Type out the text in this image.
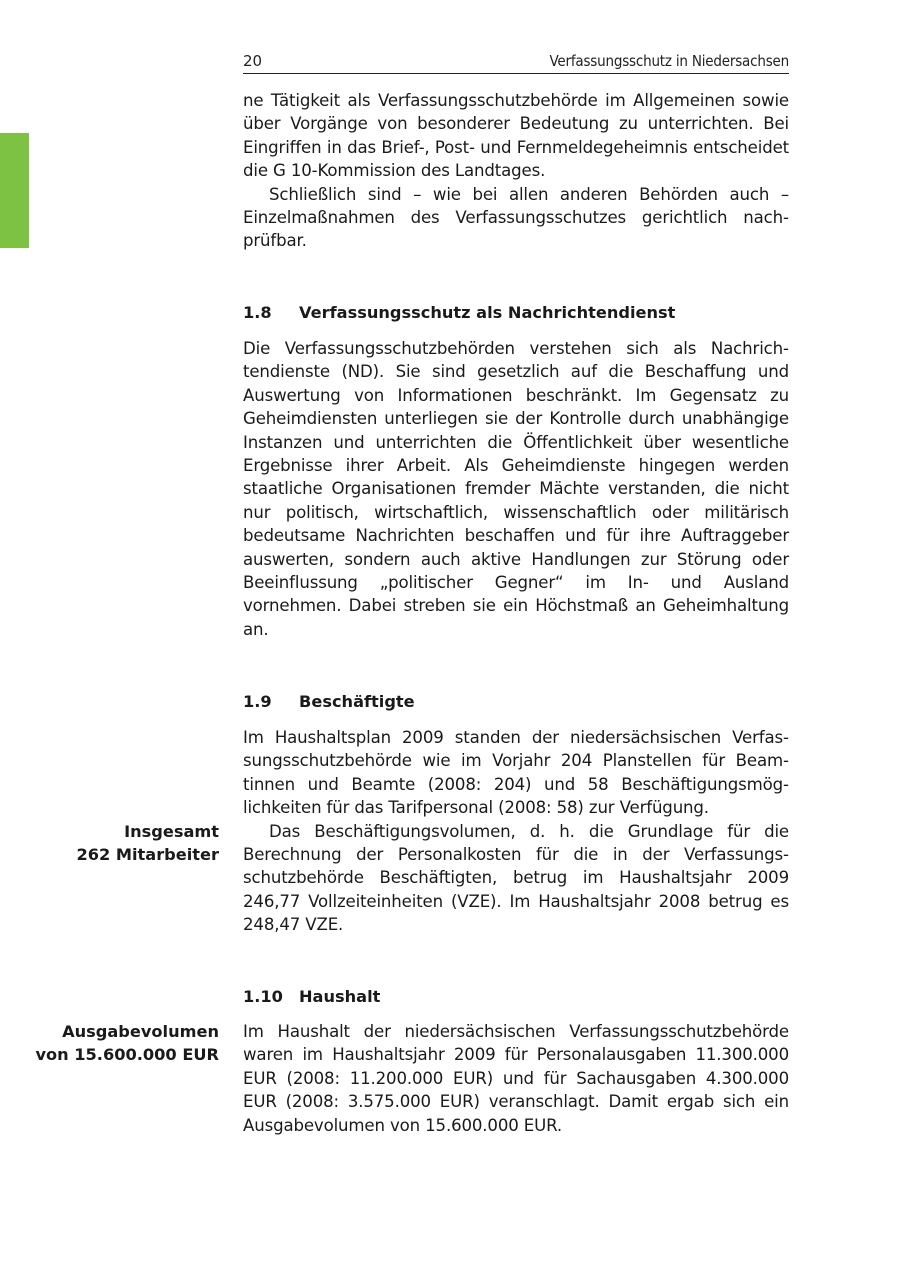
20	Verfassungsschutz in Niedersachsen

ne Tätigkeit als Verfassungsschutzbehörde im Allgemeinen sowie über Vorgänge von besonderer Bedeutung zu unterrichten. Bei Eingriffen in das Brief-, Post- und Fernmeldegeheimnis entscheidet die G 10-Kommission des Landtages.

Schließlich sind – wie bei allen anderen Behörden auch – Einzelmaßnahmen des Verfassungsschutzes gerichtlich nachprüfbar.

1.8 Verfassungsschutz als Nachrichtendienst

Die Verfassungsschutzbehörden verstehen sich als Nachrichtendienste (ND). Sie sind gesetzlich auf die Beschaffung und Auswertung von Informationen beschränkt. Im Gegensatz zu Geheimdiensten unterliegen sie der Kontrolle durch unabhängige Instanzen und unterrichten die Öffentlichkeit über wesentliche Ergebnisse ihrer Arbeit. Als Geheimdienste hingegen werden staatliche Organisationen fremder Mächte verstanden, die nicht nur politisch, wirtschaftlich, wissenschaftlich oder militärisch bedeutsame Nachrichten beschaffen und für ihre Auftraggeber auswerten, sondern auch aktive Handlungen zur Störung oder Beeinflussung „politischer Gegner“ im In- und Ausland vornehmen. Dabei streben sie ein Höchstmaß an Geheimhaltung an.

1.9 Beschäftigte

Im Haushaltsplan 2009 standen der niedersächsischen Verfassungsschutzbehörde wie im Vorjahr 204 Planstellen für Beamtinnen und Beamte (2008: 204) und 58 Beschäftigungsmöglichkeiten für das Tarifpersonal (2008: 58) zur Verfügung.

Das Beschäftigungsvolumen, d. h. die Grundlage für die Berechnung der Personalkosten für die in der Verfassungsschutzbehörde Beschäftigten, betrug im Haushaltsjahr 2009 246,77 Vollzeiteinheiten (VZE). Im Haushaltsjahr 2008 betrug es 248,47 VZE.

Insgesamt
262 Mitarbeiter
1.10 Haushalt

Im Haushalt der niedersächsischen Verfassungsschutzbehörde waren im Haushaltsjahr 2009 für Personalausgaben 11.300.000 EUR (2008: 11.200.000 EUR) und für Sachausgaben 4.300.000 EUR (2008: 3.575.000 EUR) veranschlagt. Damit ergab sich ein Ausgabevolumen von 15.600.000 EUR.

Ausgabevolumen
von 15.600.000 EUR
